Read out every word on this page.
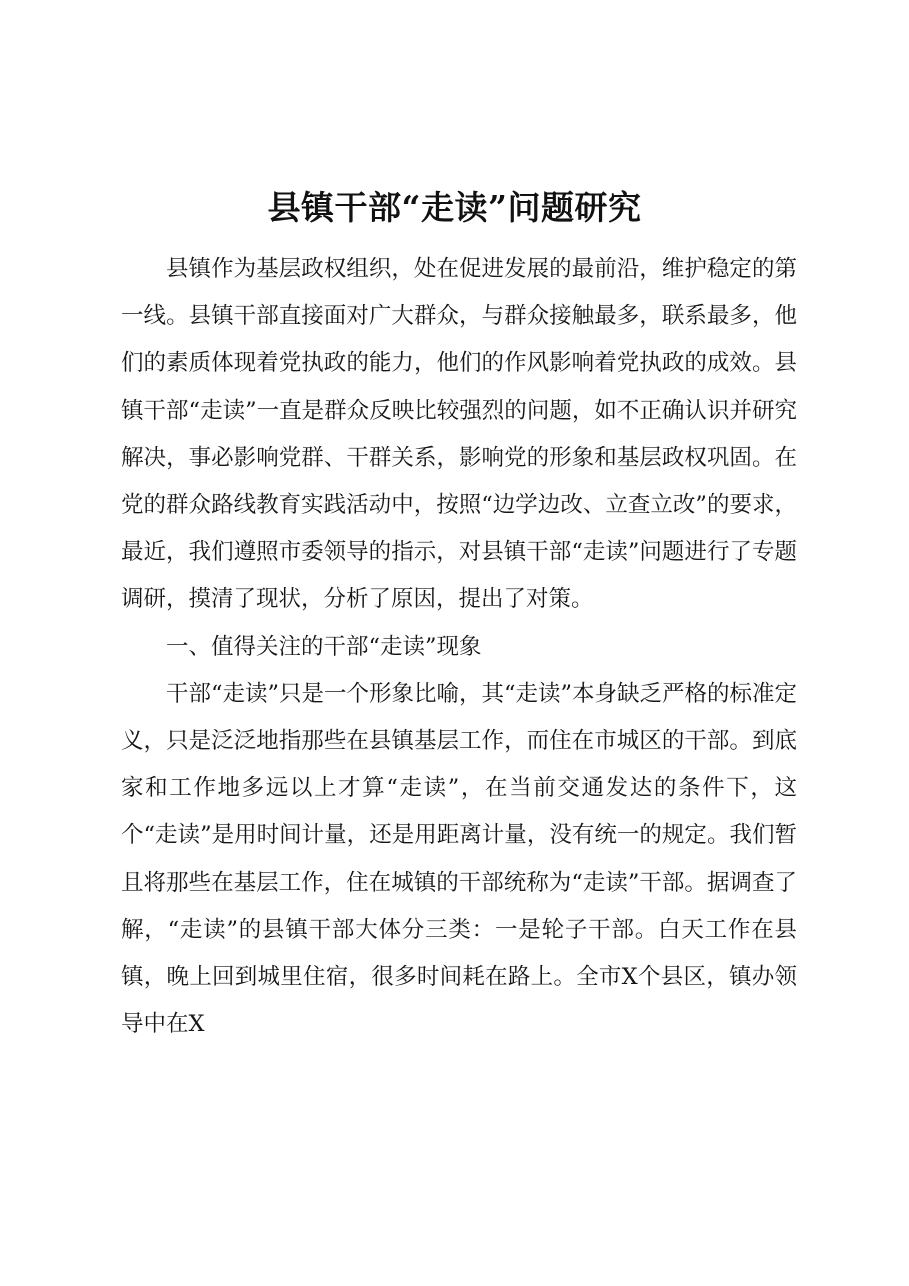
县镇干部“走读”问题研究

县镇作为基层政权组织，处在促进发展的最前沿，维护稳定的第一线。县镇干部直接面对广大群众，与群众接触最多，联系最多，他们的素质体现着党执政的能力，他们的作风影响着党执政的成效。县镇干部“走读”一直是群众反映比较强烈的问题，如不正确认识并研究解决，事必影响党群、干群关系，影响党的形象和基层政权巩固。在党的群众路线教育实践活动中，按照“边学边改、立查立改”的要求，最近，我们遵照市委领导的指示，对县镇干部“走读”问题进行了专题调研，摸清了现状，分析了原因，提出了对策。

一、值得关注的干部“走读”现象

干部“走读”只是一个形象比喻，其“走读”本身缺乏严格的标准定义，只是泛泛地指那些在县镇基层工作，而住在市城区的干部。到底家和工作地多远以上才算“走读”，在当前交通发达的条件下，这个“走读”是用时间计量，还是用距离计量，没有统一的规定。我们暂且将那些在基层工作，住在城镇的干部统称为“走读”干部。据调查了解，“走读”的县镇干部大体分三类：一是轮子干部。白天工作在县镇，晚上回到城里住宿，很多时间耗在路上。全市X个县区，镇办领导中在X
